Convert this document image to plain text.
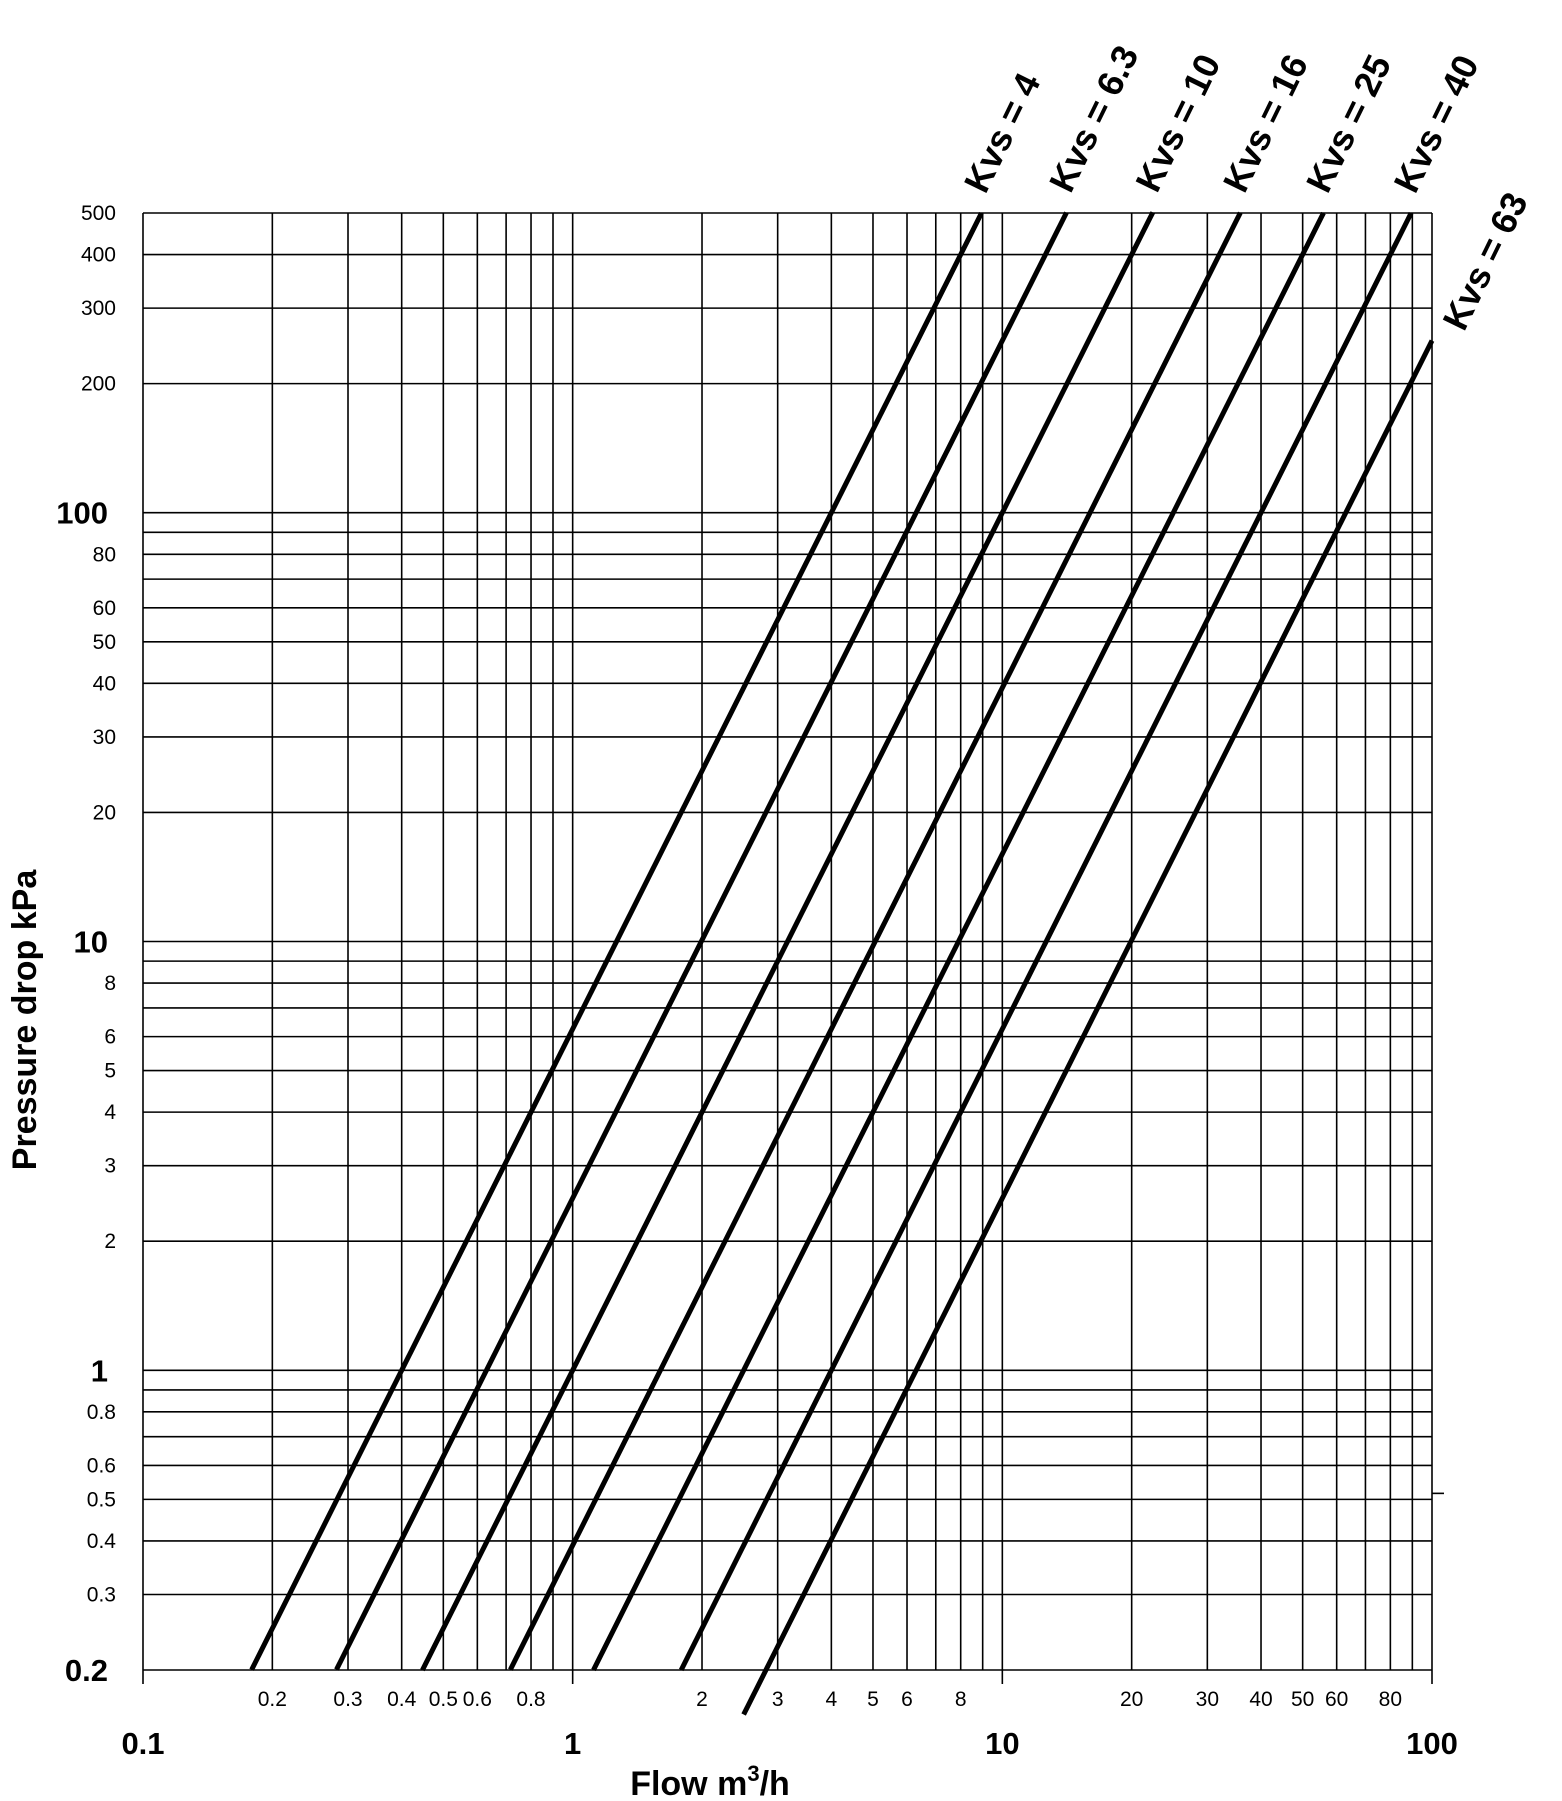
0.2 0.3 0.4 0.5 0.6 0.8	2	3 4 5 6 8	20 30 40 50 60 80
0.1	1	10	100
0.3
0.4
0.5
0.6
0.8
2
3
4
5
6
8
20
30
40
50
60
80
200
300
400
500
0.2
1
10
100
Kvs = 4
Kvs = 6.3
Kvs = 10
Kvs = 16
Kvs = 25
Kvs = 40
Kvs = 63
Flow $m^3/h$
Pressure drop kPa
